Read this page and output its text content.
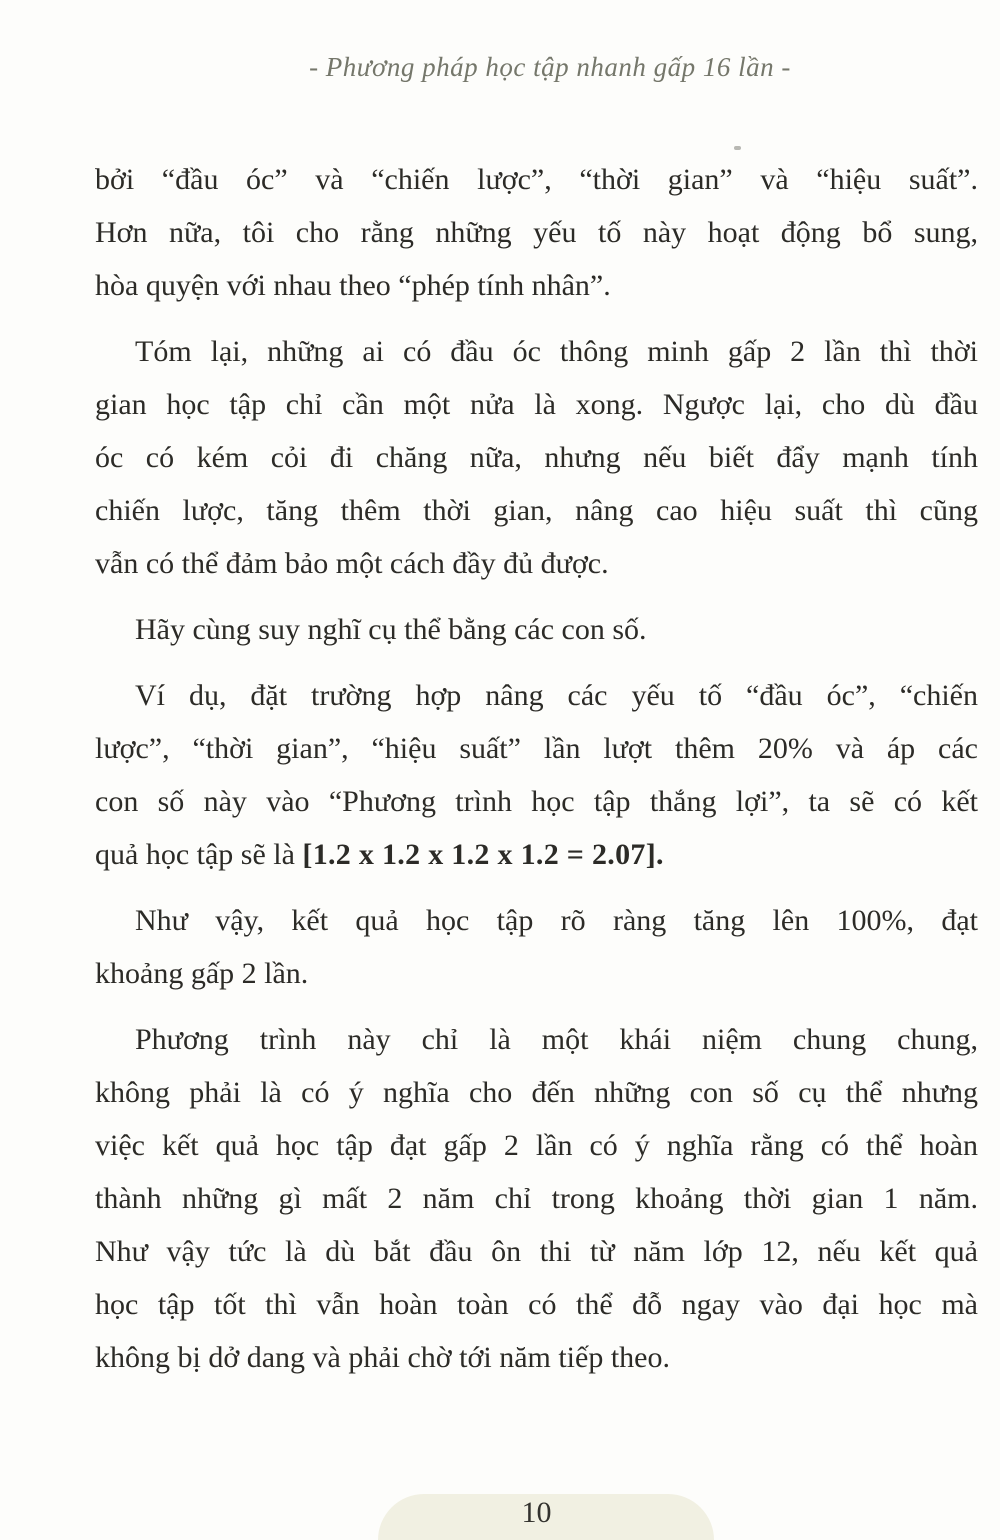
- Phương pháp học tập nhanh gấp 16 lần -
bởi “đầu óc” và “chiến lược”, “thời gian” và “hiệu suất”.
Hơn nữa, tôi cho rằng những yếu tố này hoạt động bổ sung,
hòa quyện với nhau theo “phép tính nhân”.
Tóm lại, những ai có đầu óc thông minh gấp 2 lần thì thời
gian học tập chỉ cần một nửa là xong. Ngược lại, cho dù đầu
óc có kém cỏi đi chăng nữa, nhưng nếu biết đẩy mạnh tính
chiến lược, tăng thêm thời gian, nâng cao hiệu suất thì cũng
vẫn có thể đảm bảo một cách đầy đủ được.
Hãy cùng suy nghĩ cụ thể bằng các con số.
Ví dụ, đặt trường hợp nâng các yếu tố “đầu óc”, “chiến
lược”, “thời gian”, “hiệu suất” lần lượt thêm 20% và áp các
con số này vào “Phương trình học tập thắng lợi”, ta sẽ có kết
quả học tập sẽ là [1.2 x 1.2 x 1.2 x 1.2 = 2.07].
Như vậy, kết quả học tập rõ ràng tăng lên 100%, đạt
khoảng gấp 2 lần.
Phương trình này chỉ là một khái niệm chung chung,
không phải là có ý nghĩa cho đến những con số cụ thể nhưng
việc kết quả học tập đạt gấp 2 lần có ý nghĩa rằng có thể hoàn
thành những gì mất 2 năm chỉ trong khoảng thời gian 1 năm.
Như vậy tức là dù bắt đầu ôn thi từ năm lớp 12, nếu kết quả
học tập tốt thì vẫn hoàn toàn có thể đỗ ngay vào đại học mà
không bị dở dang và phải chờ tới năm tiếp theo.
10
